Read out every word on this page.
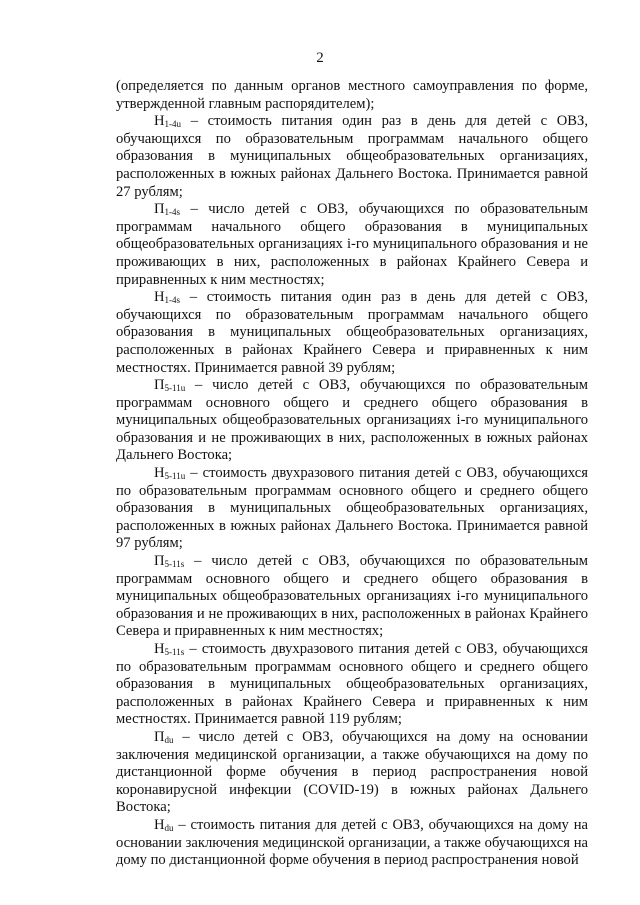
2

(определяется по данным органов местного самоуправления по форме, утвержденной главным распорядителем);

$Н_{1-4u}$ – стоимость питания один раз в день для детей с ОВЗ, обучающихся по образовательным программам начального общего образования в муниципальных общеобразовательных организациях, расположенных в южных районах Дальнего Востока. Принимается равной 27 рублям;

$П_{1-4s}$ – число детей с ОВЗ, обучающихся по образовательным программам начального общего образования в муниципальных общеобразовательных организациях i-го муниципального образования и не проживающих в них, расположенных в районах Крайнего Севера и приравненных к ним местностях;

$Н_{1-4s}$ – стоимость питания один раз в день для детей с ОВЗ, обучающихся по образовательным программам начального общего образования в муниципальных общеобразовательных организациях, расположенных в районах Крайнего Севера и приравненных к ним местностях. Принимается равной 39 рублям;

$П_{5-11u}$ – число детей с ОВЗ, обучающихся по образовательным программам основного общего и среднего общего образования в муниципальных общеобразовательных организациях i-го муниципального образования и не проживающих в них, расположенных в южных районах Дальнего Востока;

$Н_{5-11u}$ – стоимость двухразового питания детей с ОВЗ, обучающихся по образовательным программам основного общего и среднего общего образования в муниципальных общеобразовательных организациях, расположенных в южных районах Дальнего Востока. Принимается равной 97 рублям;

$П_{5-11s}$ – число детей с ОВЗ, обучающихся по образовательным программам основного общего и среднего общего образования в муниципальных общеобразовательных организациях i-го муниципального образования и не проживающих в них, расположенных в районах Крайнего Севера и приравненных к ним местностях;

$Н_{5-11s}$ – стоимость двухразового питания детей с ОВЗ, обучающихся по образовательным программам основного общего и среднего общего образования в муниципальных общеобразовательных организациях, расположенных в районах Крайнего Севера и приравненных к ним местностях. Принимается равной 119 рублям;

$П_{du}$ – число детей с ОВЗ, обучающихся на дому на основании заключения медицинской организации, а также обучающихся на дому по дистанционной форме обучения в период распространения новой коронавирусной инфекции (COVID-19) в южных районах Дальнего Востока;

$Н_{du}$ – стоимость питания для детей с ОВЗ, обучающихся на дому на основании заключения медицинской организации, а также обучающихся на дому по дистанционной форме обучения в период распространения новой
